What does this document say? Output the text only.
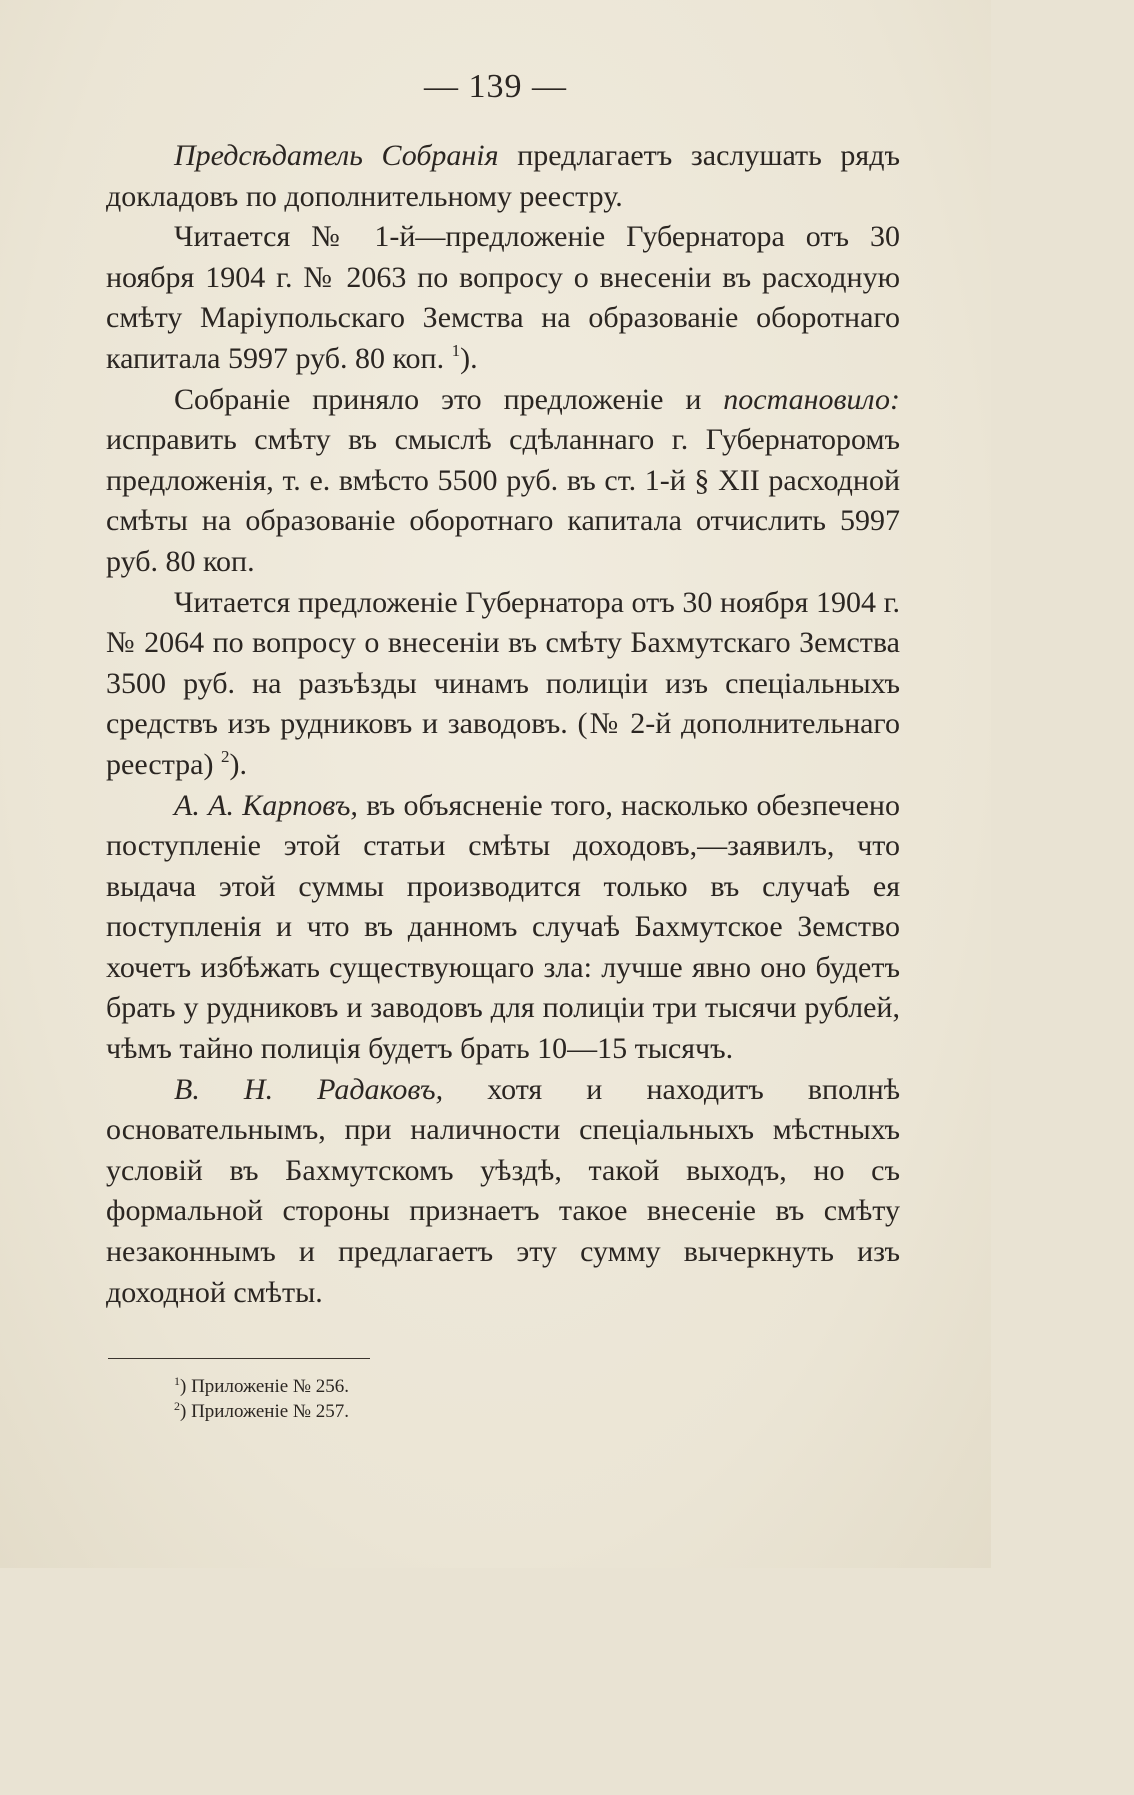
— 139 —

Предсѣдатель Собранія предлагаетъ заслушать рядъ докладовъ по дополнительному реестру.

Читается № 1-й—предложеніе Губернатора отъ 30 ноября 1904 г. № 2063 по вопросу о внесеніи въ расходную смѣту Маріупольскаго Земства на образованіе оборотнаго капитала 5997 руб. 80 коп. $^1$).

Собраніе приняло это предложеніе и постановило: исправить смѣту въ смыслѣ сдѣланнаго г. Губернаторомъ предложенія, т. е. вмѣсто 5500 руб. въ ст. 1-й § XII расходной смѣты на образованіе оборотнаго капитала отчислить 5997 руб. 80 коп.

Читается предложеніе Губернатора отъ 30 ноября 1904 г. № 2064 по вопросу о внесеніи въ смѣту Бахмутскаго Земства 3500 руб. на разъѣзды чинамъ полиціи изъ спеціальныхъ средствъ изъ рудниковъ и заводовъ. (№ 2-й дополнительнаго реестра) $^2$).

А. А. Карповъ, въ объясненіе того, насколько обезпечено поступленіе этой статьи смѣты доходовъ,—заявилъ, что выдача этой суммы производится только въ случаѣ ея поступленія и что въ данномъ случаѣ Бахмутское Земство хочетъ избѣжать существующаго зла: лучше явно оно будетъ брать у рудниковъ и заводовъ для полиціи три тысячи рублей, чѣмъ тайно полиція будетъ брать 10—15 тысячъ.

В. Н. Радаковъ, хотя и находитъ вполнѣ основательнымъ, при наличности спеціальныхъ мѣстныхъ условій въ Бахмутскомъ уѣздѣ, такой выходъ, но съ формальной стороны признаетъ такое внесеніе въ смѣту незаконнымъ и предлагаетъ эту сумму вычеркнуть изъ доходной смѣты.

$^1$) Приложеніе № 256.
$^2$) Приложеніе № 257.
